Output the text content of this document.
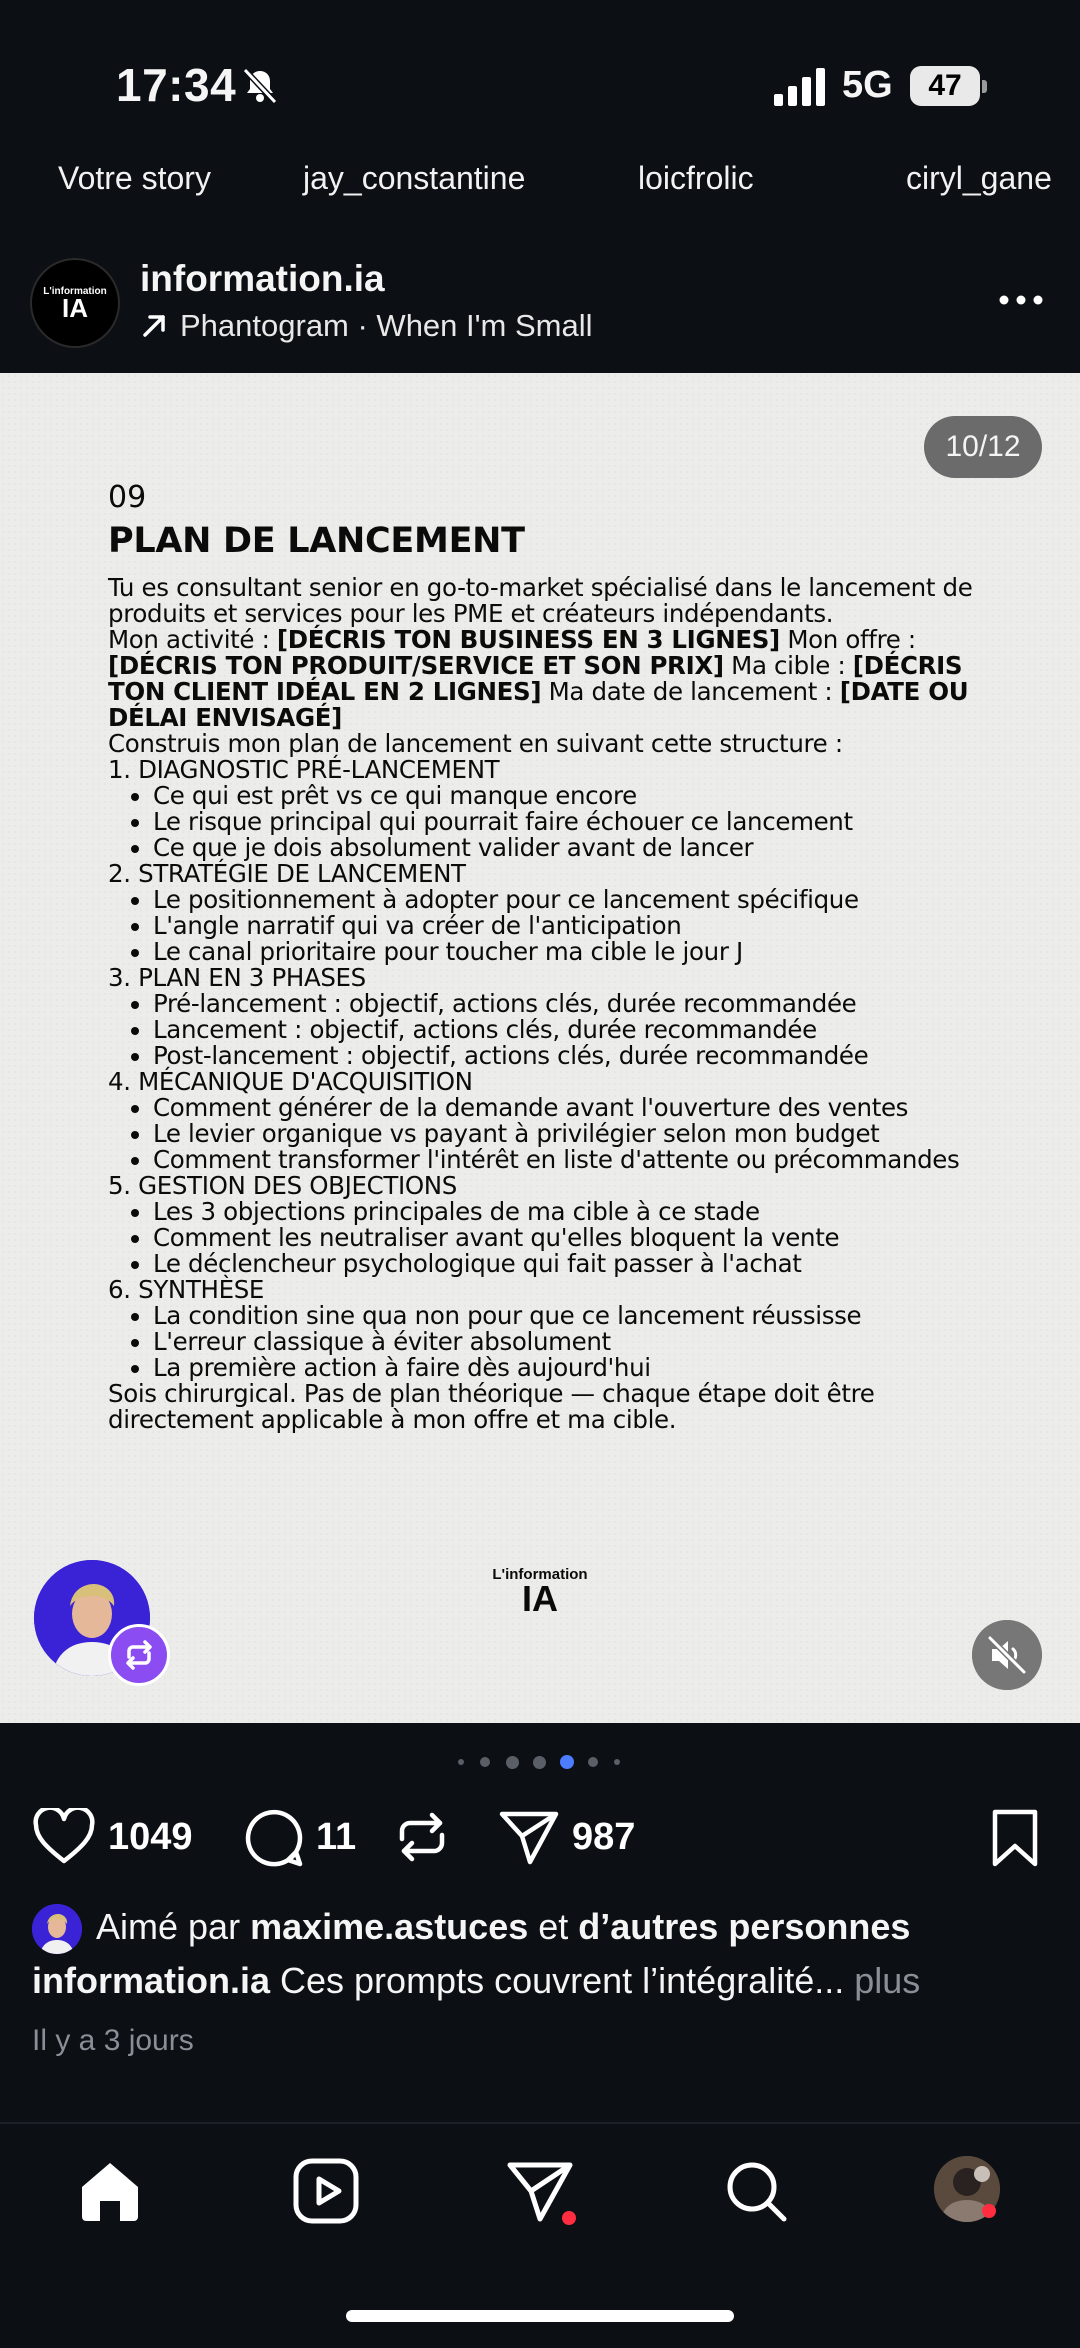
17:34	5G	47
Votre story	jay_constantine	loicfrolic	ciryl_gane
L'information
IA
information.ia
Phantogram · When I'm Small
10/12
09
PLAN DE LANCEMENT

Tu es consultant senior en go-to-market spécialisé dans le lancement de produits et services pour les PME et créateurs indépendants.

Mon activité : [DÉCRIS TON BUSINESS EN 3 LIGNES] Mon offre : [DÉCRIS TON PRODUIT/SERVICE ET SON PRIX] Ma cible : [DÉCRIS TON CLIENT IDÉAL EN 2 LIGNES] Ma date de lancement : [DATE OU DÉLAI ENVISAGÉ]

Construis mon plan de lancement en suivant cette structure :

1. DIAGNOSTIC PRÉ-LANCEMENT
• Ce qui est prêt vs ce qui manque encore
• Le risque principal qui pourrait faire échouer ce lancement
• Ce que je dois absolument valider avant de lancer
2. STRATÉGIE DE LANCEMENT
• Le positionnement à adopter pour ce lancement spécifique
• L'angle narratif qui va créer de l'anticipation
• Le canal prioritaire pour toucher ma cible le jour J
3. PLAN EN 3 PHASES
• Pré-lancement : objectif, actions clés, durée recommandée
• Lancement : objectif, actions clés, durée recommandée
• Post-lancement : objectif, actions clés, durée recommandée
4. MÉCANIQUE D'ACQUISITION
• Comment générer de la demande avant l'ouverture des ventes
• Le levier organique vs payant à privilégier selon mon budget
• Comment transformer l'intérêt en liste d'attente ou précommandes
5. GESTION DES OBJECTIONS
• Les 3 objections principales de ma cible à ce stade
• Comment les neutraliser avant qu'elles bloquent la vente
• Le déclencheur psychologique qui fait passer à l'achat
6. SYNTHÈSE
• La condition sine qua non pour que ce lancement réussisse
• L'erreur classique à éviter absolument
• La première action à faire dès aujourd'hui

Sois chirurgical. Pas de plan théorique — chaque étape doit être directement applicable à mon offre et ma cible.

L'information
IA
1049	11	987
Aimé par maxime.astuces et d’autres personnes
information.ia Ces prompts couvrent l’intégralité... plus
Il y a 3 jours
